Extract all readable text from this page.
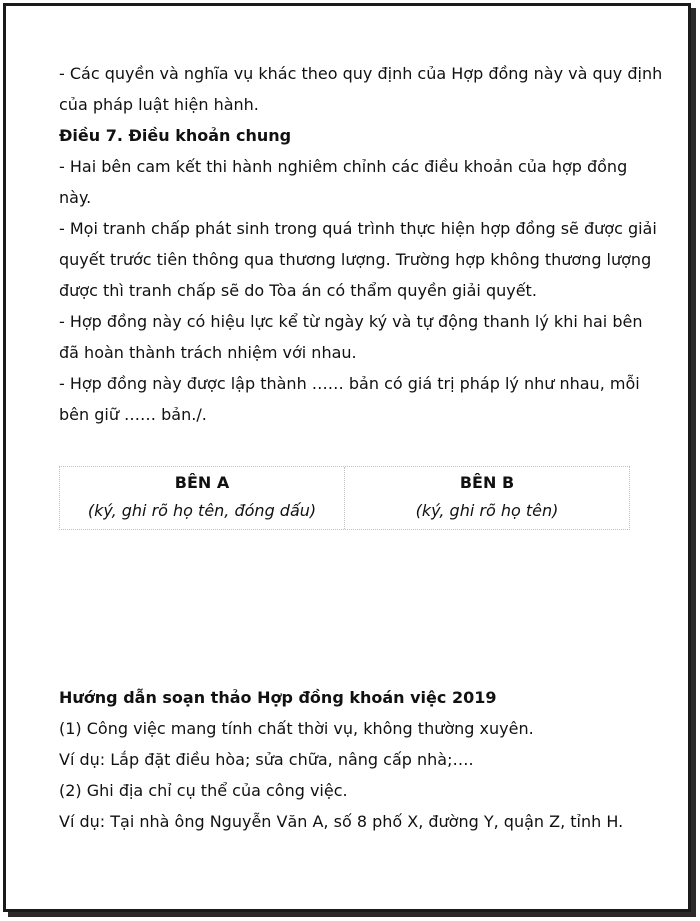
- Các quyền và nghĩa vụ khác theo quy định của Hợp đồng này và quy định

của pháp luật hiện hành.

Điều 7. Điều khoản chung

- Hai bên cam kết thi hành nghiêm chỉnh các điều khoản của hợp đồng

này.

- Mọi tranh chấp phát sinh trong quá trình thực hiện hợp đồng sẽ được giải

quyết trước tiên thông qua thương lượng. Trường hợp không thương lượng

được thì tranh chấp sẽ do Tòa án có thẩm quyền giải quyết.

- Hợp đồng này có hiệu lực kể từ ngày ký và tự động thanh lý khi hai bên

đã hoàn thành trách nhiệm với nhau.

- Hợp đồng này được lập thành …… bản có giá trị pháp lý như nhau, mỗi

bên giữ …… bản./.

BÊN A
(ký, ghi rõ họ tên, đóng dấu)
BÊN B
(ký, ghi rõ họ tên)

Hướng dẫn soạn thảo Hợp đồng khoán việc 2019

(1) Công việc mang tính chất thời vụ, không thường xuyên.

Ví dụ: Lắp đặt điều hòa; sửa chữa, nâng cấp nhà;….

(2) Ghi địa chỉ cụ thể của công việc.

Ví dụ: Tại nhà ông Nguyễn Văn A, số 8 phố X, đường Y, quận Z, tỉnh H.
